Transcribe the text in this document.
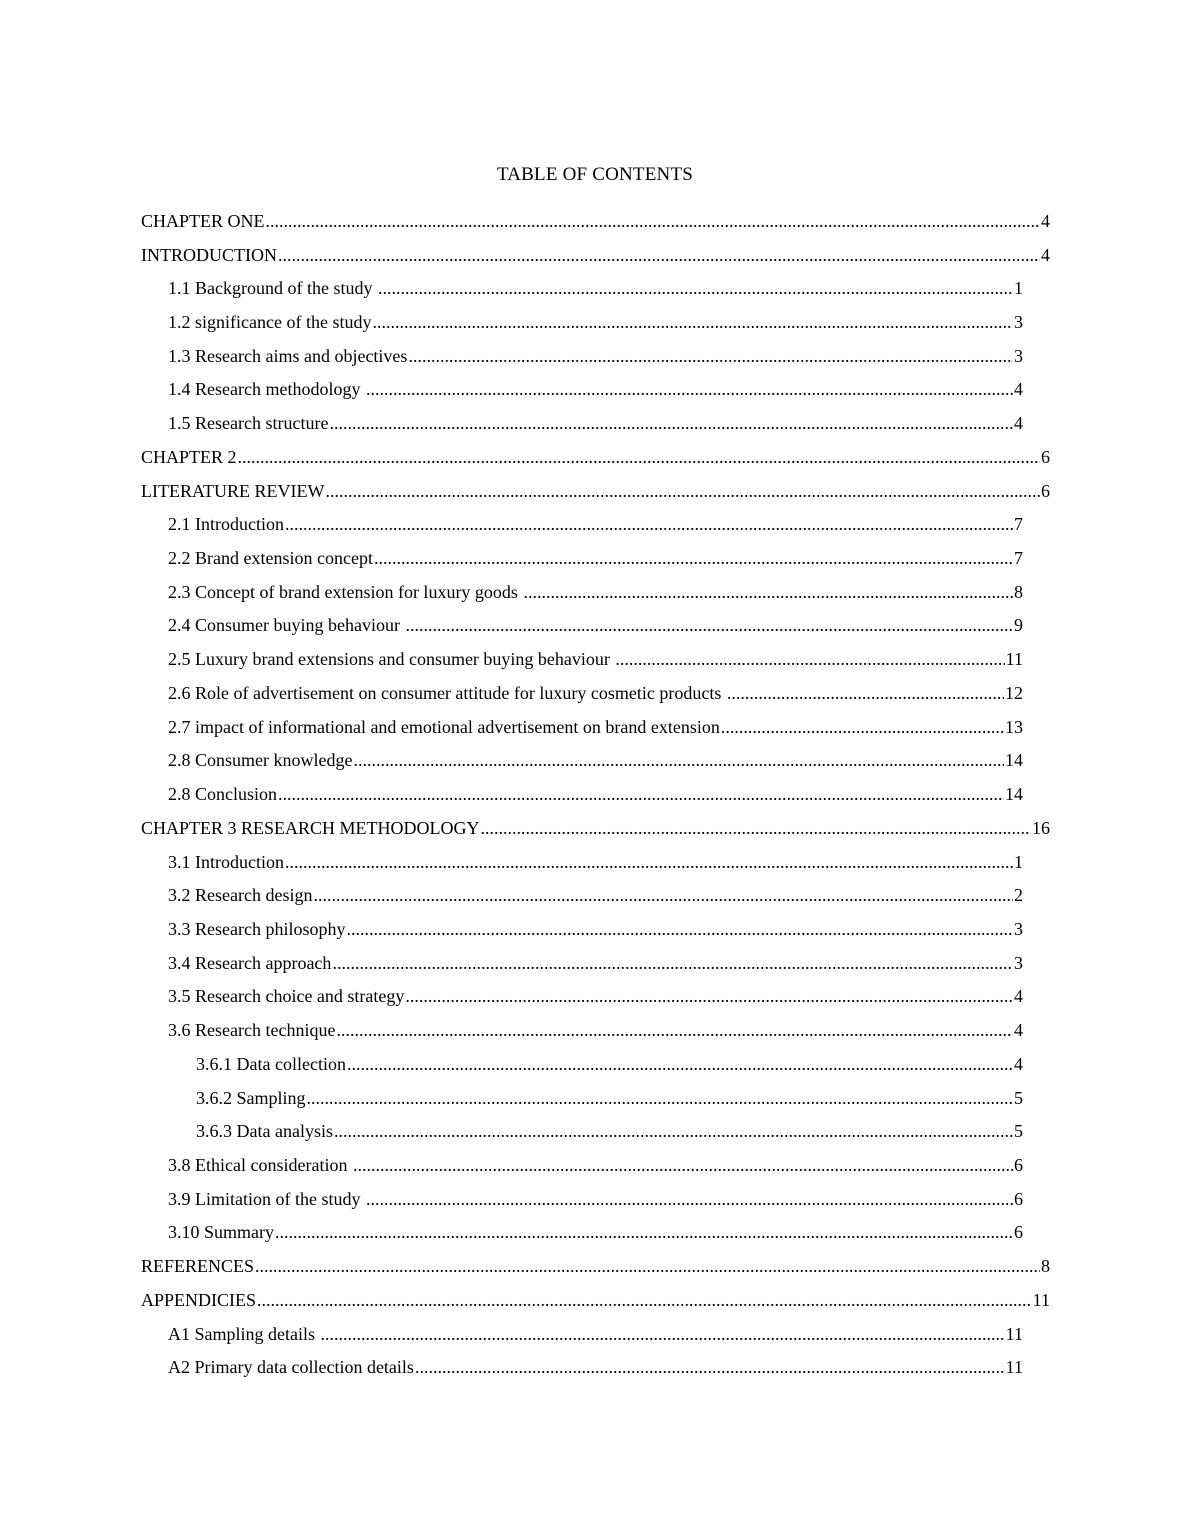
TABLE OF CONTENTS
CHAPTER ONE .....	4
INTRODUCTION .....	4
1.1 Background of the study .....	1
1.2 significance of the study .....	3
1.3 Research aims and objectives .....	3
1.4 Research methodology .....	4
1.5 Research structure .....	4
CHAPTER 2 .....	6
LITERATURE REVIEW .....	6
2.1 Introduction .....	7
2.2 Brand extension concept .....	7
2.3 Concept of brand extension for luxury goods .....	8
2.4 Consumer buying behaviour .....	9
2.5 Luxury brand extensions and consumer buying behaviour .....	11
2.6 Role of advertisement on consumer attitude for luxury cosmetic products .....	12
2.7 impact of informational and emotional advertisement on brand extension .....	13
2.8 Consumer knowledge .....	14
2.8 Conclusion .....	14
CHAPTER 3 RESEARCH METHODOLOGY .....	16
3.1 Introduction .....	1
3.2 Research design .....	2
3.3 Research philosophy .....	3
3.4 Research approach .....	3
3.5 Research choice and strategy .....	4
3.6 Research technique .....	4
3.6.1 Data collection .....	4
3.6.2 Sampling .....	5
3.6.3 Data analysis .....	5
3.8 Ethical consideration .....	6
3.9 Limitation of the study .....	6
3.10 Summary .....	6
REFERENCES .....	8
APPENDICIES .....	11
A1 Sampling details .....	11
A2 Primary data collection details .....	11
